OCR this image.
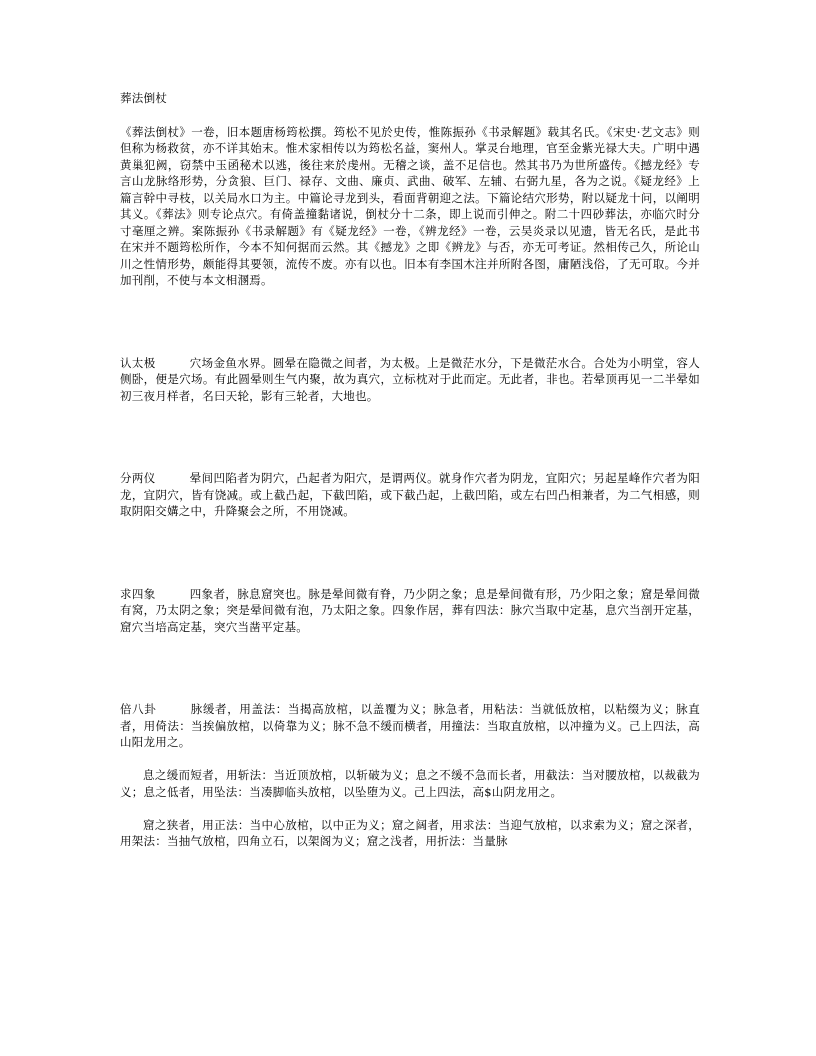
葬法倒杖

《葬法倒杖》一卷，旧本题唐杨筠松撰。筠松不见於史传，惟陈振孙《书录解题》载其名氏。《宋史·艺文志》则但称为杨救贫，亦不详其始末。惟术家相传以为筠松名益，窦州人。掌灵台地理，官至金紫光禄大夫。广明中遇黄巢犯阙，窃禁中玉函秘术以逃，後往来於虔州。无稽之谈，盖不足信也。然其书乃为世所盛传。《撼龙经》专言山龙脉络形势，分贪狼、巨门、禄存、文曲、廉贞、武曲、破军、左辅、右弼九星，各为之说。《疑龙经》上篇言幹中寻枝，以关局水口为主。中篇论寻龙到头，看面背朝迎之法。下篇论结穴形势，附以疑龙十问，以阐明其义。《葬法》则专论点穴。有倚盖撞黏诸说，倒杖分十二条，即上说而引伸之。附二十四砂葬法，亦临穴时分寸毫厘之辨。案陈振孙《书录解题》有《疑龙经》一卷，《辨龙经》一卷，云吴炎录以见遗，皆无名氏，是此书在宋并不题筠松所作，今本不知何据而云然。其《撼龙》之即《辨龙》与否，亦无可考证。然相传己久，所论山川之性情形势，颇能得其要领，流传不废。亦有以也。旧本有李国木注并所附各图，庸陋浅俗，了无可取。今并加刊削，不使与本文相溷焉。

认太极	穴场金鱼水界。圆晕在隐微之间者，为太极。上是微茫水分，下是微茫水合。合处为小明堂，容人侧卧，便是穴场。有此圆晕则生气内聚，故为真穴，立标枕对于此而定。无此者，非也。若晕顶再见一二半晕如初三夜月样者，名曰天轮，影有三轮者，大地也。

分两仪	晕间凹陷者为阴穴，凸起者为阳穴，是谓两仪。就身作穴者为阴龙，宜阳穴；另起星峰作穴者为阳龙，宜阴穴，皆有饶减。或上截凸起，下截凹陷，或下截凸起，上截凹陷，或左右凹凸相兼者，为二气相感，则取阴阳交媾之中，升降聚会之所，不用饶减。

求四象	四象者，脉息窟突也。脉是晕间微有脊，乃少阴之象；息是晕间微有形，乃少阳之象；窟是晕间微有窝，乃太阴之象；突是晕间微有泡，乃太阳之象。四象作居，葬有四法：脉穴当取中定基，息穴当剖开定基，窟穴当培高定基，突穴当凿平定基。

倍八卦	脉缓者，用盖法：当揭高放棺，以盖覆为义；脉急者，用粘法：当就低放棺，以粘缀为义；脉直者，用倚法：当挨偏放棺，以倚靠为义；脉不急不缓而横者，用撞法：当取直放棺，以冲撞为义。己上四法，高山阳龙用之。

息之缓而短者，用斩法：当近顶放棺，以斩破为义；息之不缓不急而长者，用截法：当对腰放棺，以裁截为义；息之低者，用坠法：当凑脚临头放棺，以坠堕为义。己上四法，高$山阴龙用之。

窟之狭者，用正法：当中心放棺，以中正为义；窟之阔者，用求法：当迎气放棺，以求索为义；窟之深者，用架法：当抽气放棺，四角立石，以架阁为义；窟之浅者，用折法：当量脉
